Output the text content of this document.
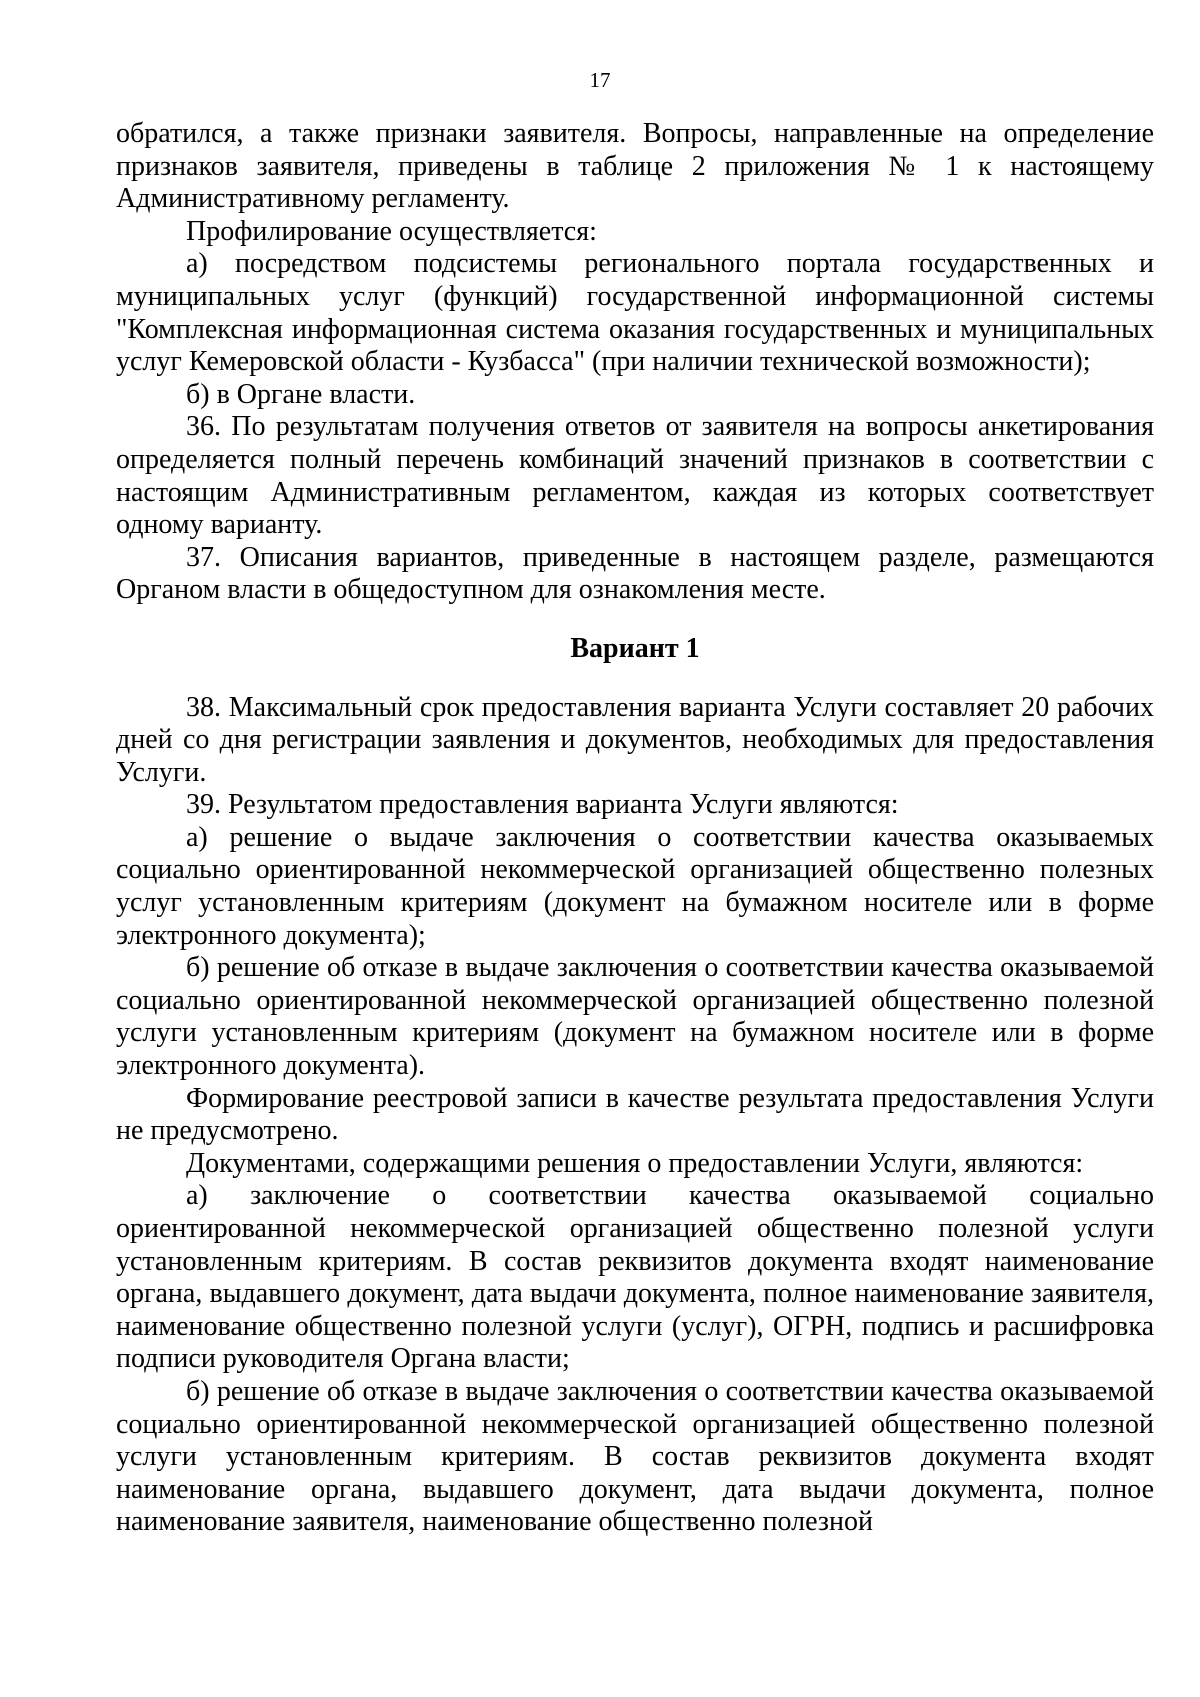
17

обратился, а также признаки заявителя. Вопросы, направленные на определение признаков заявителя, приведены в таблице 2 приложения № 1 к настоящему Административному регламенту.

Профилирование осуществляется:

а) посредством подсистемы регионального портала государственных и муниципальных услуг (функций) государственной информационной системы "Комплексная информационная система оказания государственных и муниципальных услуг Кемеровской области - Кузбасса" (при наличии технической возможности);

б) в Органе власти.

36. По результатам получения ответов от заявителя на вопросы анкетирования определяется полный перечень комбинаций значений признаков в соответствии с настоящим Административным регламентом, каждая из которых соответствует одному варианту.

37. Описания вариантов, приведенные в настоящем разделе, размещаются Органом власти в общедоступном для ознакомления месте.

Вариант 1

38. Максимальный срок предоставления варианта Услуги составляет 20 рабочих дней со дня регистрации заявления и документов, необходимых для предоставления Услуги.

39. Результатом предоставления варианта Услуги являются:

а) решение о выдаче заключения о соответствии качества оказываемых социально ориентированной некоммерческой организацией общественно полезных услуг установленным критериям (документ на бумажном носителе или в форме электронного документа);

б) решение об отказе в выдаче заключения о соответствии качества оказываемой социально ориентированной некоммерческой организацией общественно полезной услуги установленным критериям (документ на бумажном носителе или в форме электронного документа).

Формирование реестровой записи в качестве результата предоставления Услуги не предусмотрено.

Документами, содержащими решения о предоставлении Услуги, являются:

а) заключение о соответствии качества оказываемой социально ориентированной некоммерческой организацией общественно полезной услуги установленным критериям. В состав реквизитов документа входят наименование органа, выдавшего документ, дата выдачи документа, полное наименование заявителя, наименование общественно полезной услуги (услуг), ОГРН, подпись и расшифровка подписи руководителя Органа власти;

б) решение об отказе в выдаче заключения о соответствии качества оказываемой социально ориентированной некоммерческой организацией общественно полезной услуги установленным критериям. В состав реквизитов документа входят наименование органа, выдавшего документ, дата выдачи документа, полное наименование заявителя, наименование общественно полезной
